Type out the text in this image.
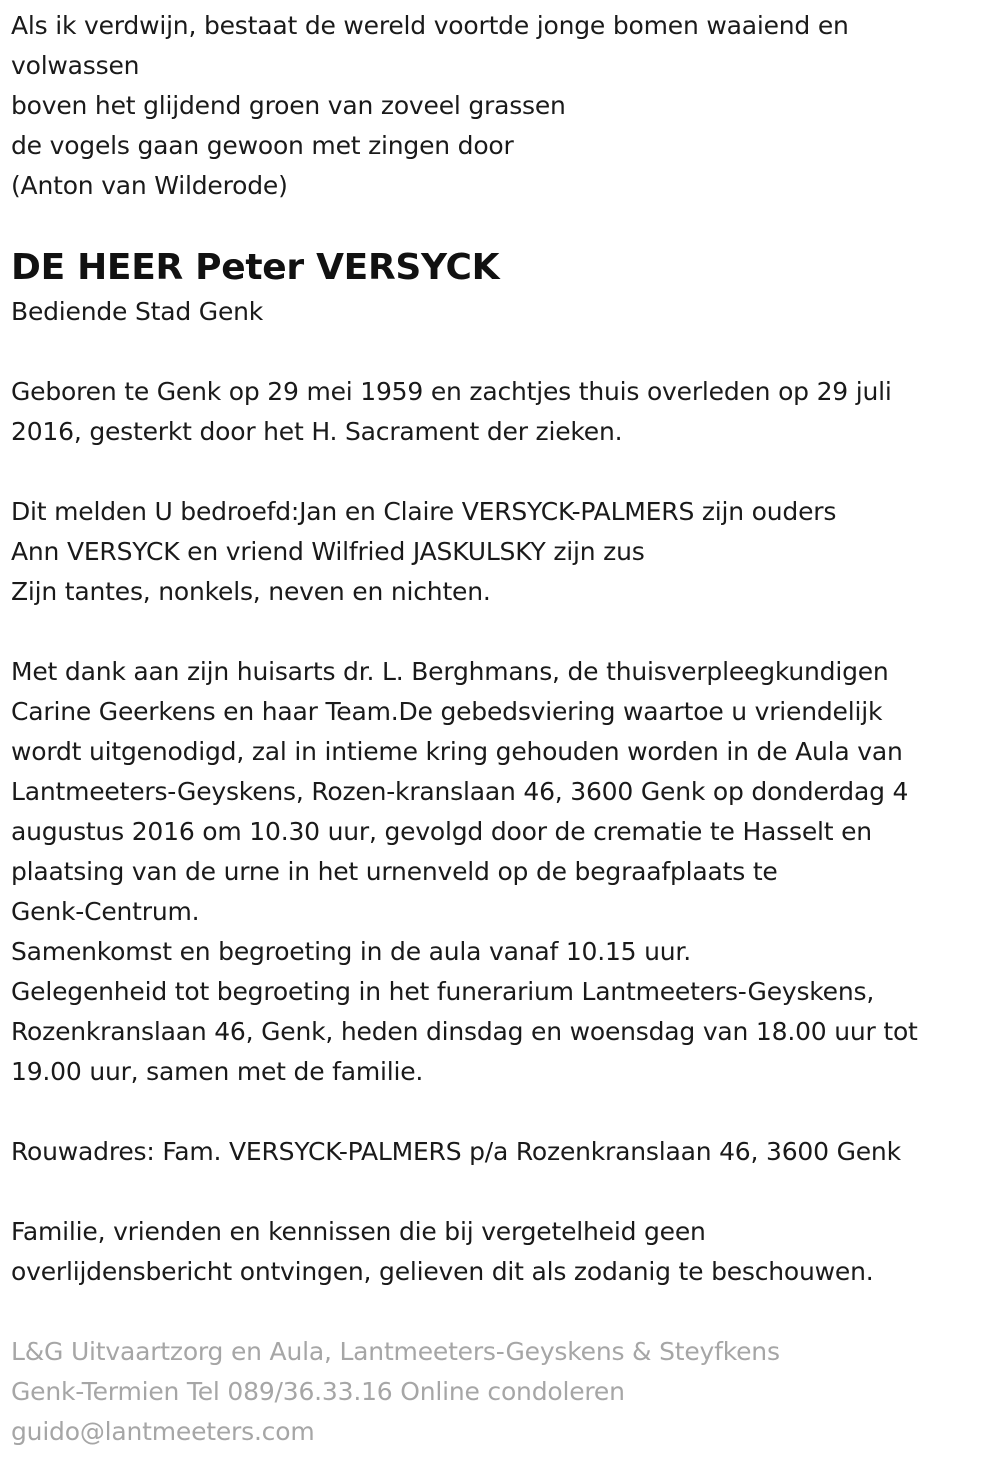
Als ik verdwijn, bestaat de wereld voortde jonge bomen waaiend en
volwassen
boven het glijdend groen van zoveel grassen
de vogels gaan gewoon met zingen door
(Anton van Wilderode)
DE HEER Peter VERSYCK
Bediende Stad Genk
Geboren te Genk op 29 mei 1959 en zachtjes thuis overleden op 29 juli
2016, gesterkt door het H. Sacrament der zieken.
Dit melden U bedroefd:Jan en Claire VERSYCK-PALMERS zijn ouders
Ann VERSYCK en vriend Wilfried JASKULSKY zijn zus
Zijn tantes, nonkels, neven en nichten.
Met dank aan zijn huisarts dr. L. Berghmans, de thuisverpleegkundigen
Carine Geerkens en haar Team.De gebedsviering waartoe u vriendelijk
wordt uitgenodigd, zal in intieme kring gehouden worden in de Aula van
Lantmeeters-Geyskens, Rozen-kranslaan 46, 3600 Genk op donderdag 4
augustus 2016 om 10.30 uur, gevolgd door de crematie te Hasselt en
plaatsing van de urne in het urnenveld op de begraafplaats te
Genk-Centrum.
Samenkomst en begroeting in de aula vanaf 10.15 uur.
Gelegenheid tot begroeting in het funerarium Lantmeeters-Geyskens,
Rozenkranslaan 46, Genk, heden dinsdag en woensdag van 18.00 uur tot
19.00 uur, samen met de familie.
Rouwadres: Fam. VERSYCK-PALMERS p/a Rozenkranslaan 46, 3600 Genk
Familie, vrienden en kennissen die bij vergetelheid geen
overlijdensbericht ontvingen, gelieven dit als zodanig te beschouwen.
L&G Uitvaartzorg en Aula, Lantmeeters-Geyskens & Steyfkens
Genk-Termien Tel 089/36.33.16 Online condoleren
guido@lantmeeters.com
